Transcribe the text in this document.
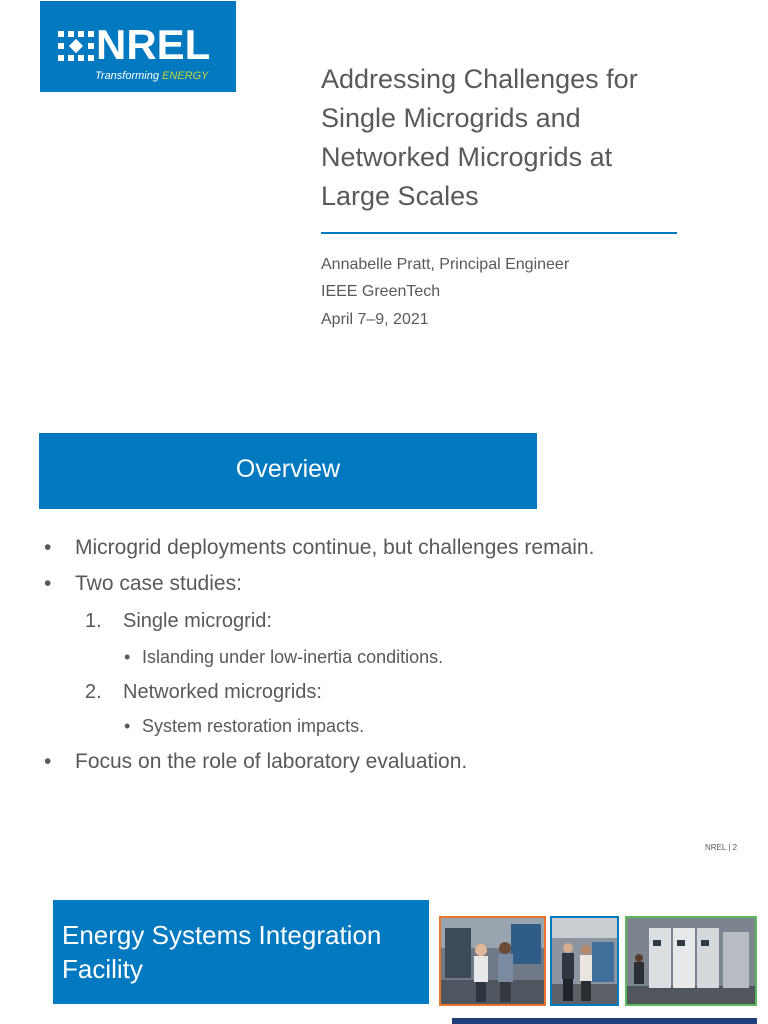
NREL
Transforming ENERGY	Addressing Challenges for
Single Microgrids and
Networked Microgrids at
Large Scales
Annabelle Pratt, Principal Engineer
IEEE GreenTech
April 7–9, 2021
Overview
• Microgrid deployments continue, but challenges remain.
• Two case studies:
1. Single microgrid:
• Islanding under low-inertia conditions.
2. Networked microgrids:
• System restoration impacts.
• Focus on the role of laboratory evaluation.
NREL | 2
Energy Systems Integration
Facility
